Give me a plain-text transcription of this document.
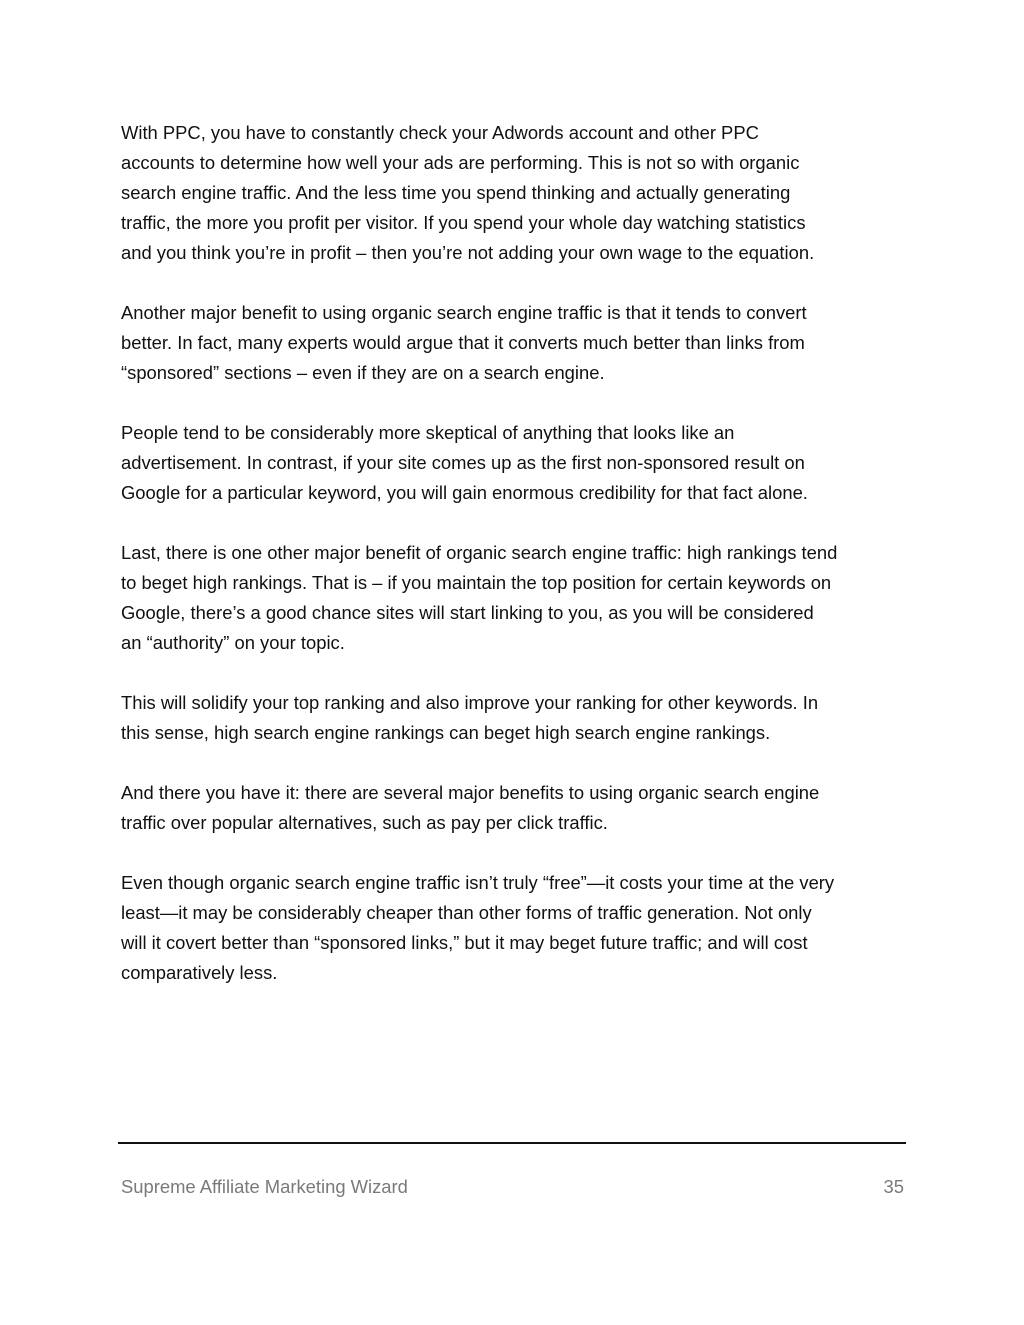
With PPC, you have to constantly check your Adwords account and other PPC
accounts to determine how well your ads are performing. This is not so with organic
search engine traffic. And the less time you spend thinking and actually generating
traffic, the more you profit per visitor. If you spend your whole day watching statistics
and you think you’re in profit – then you’re not adding your own wage to the equation.

Another major benefit to using organic search engine traffic is that it tends to convert
better. In fact, many experts would argue that it converts much better than links from
“sponsored” sections – even if they are on a search engine.

People tend to be considerably more skeptical of anything that looks like an
advertisement. In contrast, if your site comes up as the first non-sponsored result on
Google for a particular keyword, you will gain enormous credibility for that fact alone.

Last, there is one other major benefit of organic search engine traffic: high rankings tend
to beget high rankings. That is – if you maintain the top position for certain keywords on
Google, there’s a good chance sites will start linking to you, as you will be considered
an “authority” on your topic.

This will solidify your top ranking and also improve your ranking for other keywords. In
this sense, high search engine rankings can beget high search engine rankings.

And there you have it: there are several major benefits to using organic search engine
traffic over popular alternatives, such as pay per click traffic.

Even though organic search engine traffic isn’t truly “free”—it costs your time at the very
least—it may be considerably cheaper than other forms of traffic generation. Not only
will it covert better than “sponsored links,” but it may beget future traffic; and will cost
comparatively less.

Supreme Affiliate Marketing Wizard	35
